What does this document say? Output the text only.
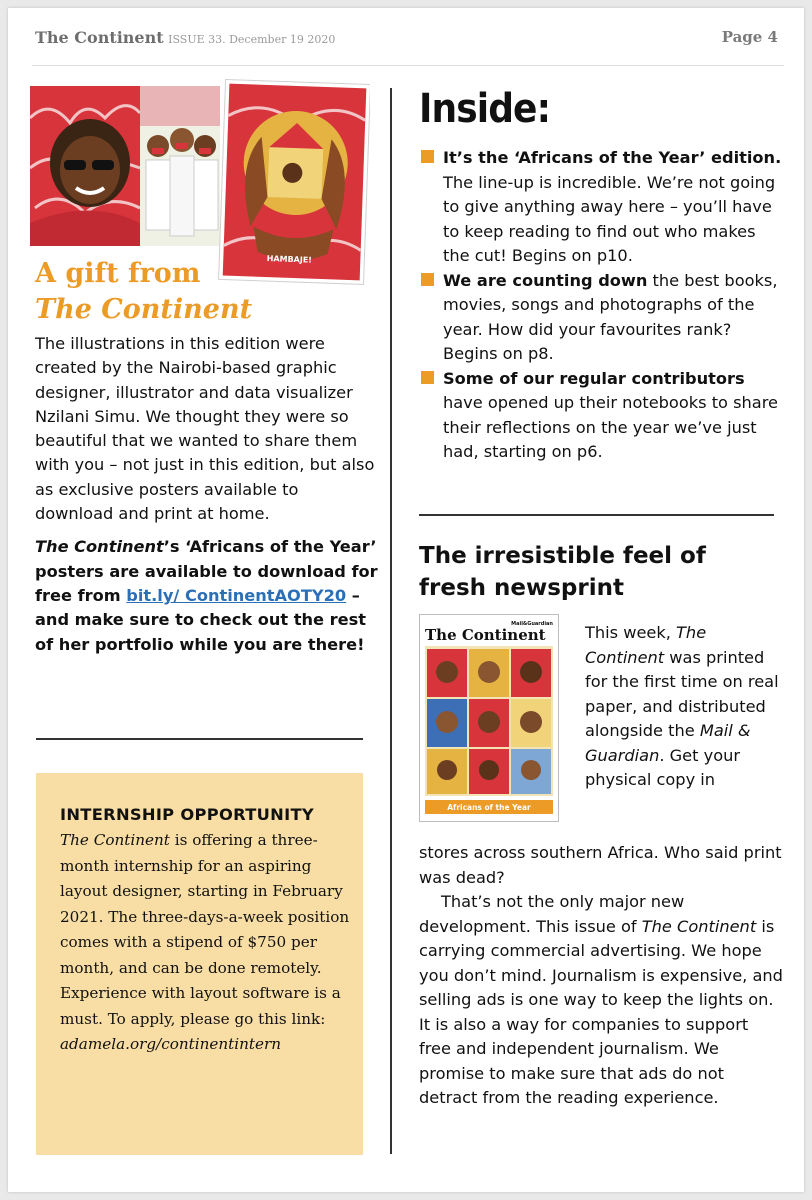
The Continent ISSUE 33. December 19 2020	Page 4
HAMBAJE!
A gift from
The Continent

The illustrations in this edition were created by the Nairobi-based graphic designer, illustrator and data visualizer Nzilani Simu. We thought they were so beautiful that we wanted to share them with you – not just in this edition, but also as exclusive posters available to download and print at home.

The Continent’s ‘Africans of the Year’ posters are available to download for free from bit.ly/ ContinentAOTY20 – and make sure to check out the rest of her portfolio while you are there!

INTERNSHIP OPPORTUNITY

The Continent is offering a three-month internship for an aspiring layout designer, starting in February 2021. The three-days-a-week position comes with a stipend of $750 per month, and can be done remotely. Experience with layout software is a must. To apply, please go this link: adamela.org/continentintern

Inside:
It’s the ‘Africans of the Year’ edition. The line-up is incredible. We’re not going to give anything away here – you’ll have to keep reading to find out who makes the cut! Begins on p10.
We are counting down the best books, movies, songs and photographs of the year. How did your favourites rank? Begins on p8.
Some of our regular contributors have opened up their notebooks to share their reflections on the year we’ve just had, starting on p6.
The irresistible feel of fresh newsprint
The Continent
Mail&Guardian
Africans of the Year

This week, The Continent was printed for the first time on real paper, and distributed alongside the Mail & Guardian. Get your physical copy in

stores across southern Africa. Who said print was dead?

That’s not the only major new development. This issue of The Continent is carrying commercial advertising. We hope you don’t mind. Journalism is expensive, and selling ads is one way to keep the lights on. It is also a way for companies to support free and independent journalism. We promise to make sure that ads do not detract from the reading experience.
